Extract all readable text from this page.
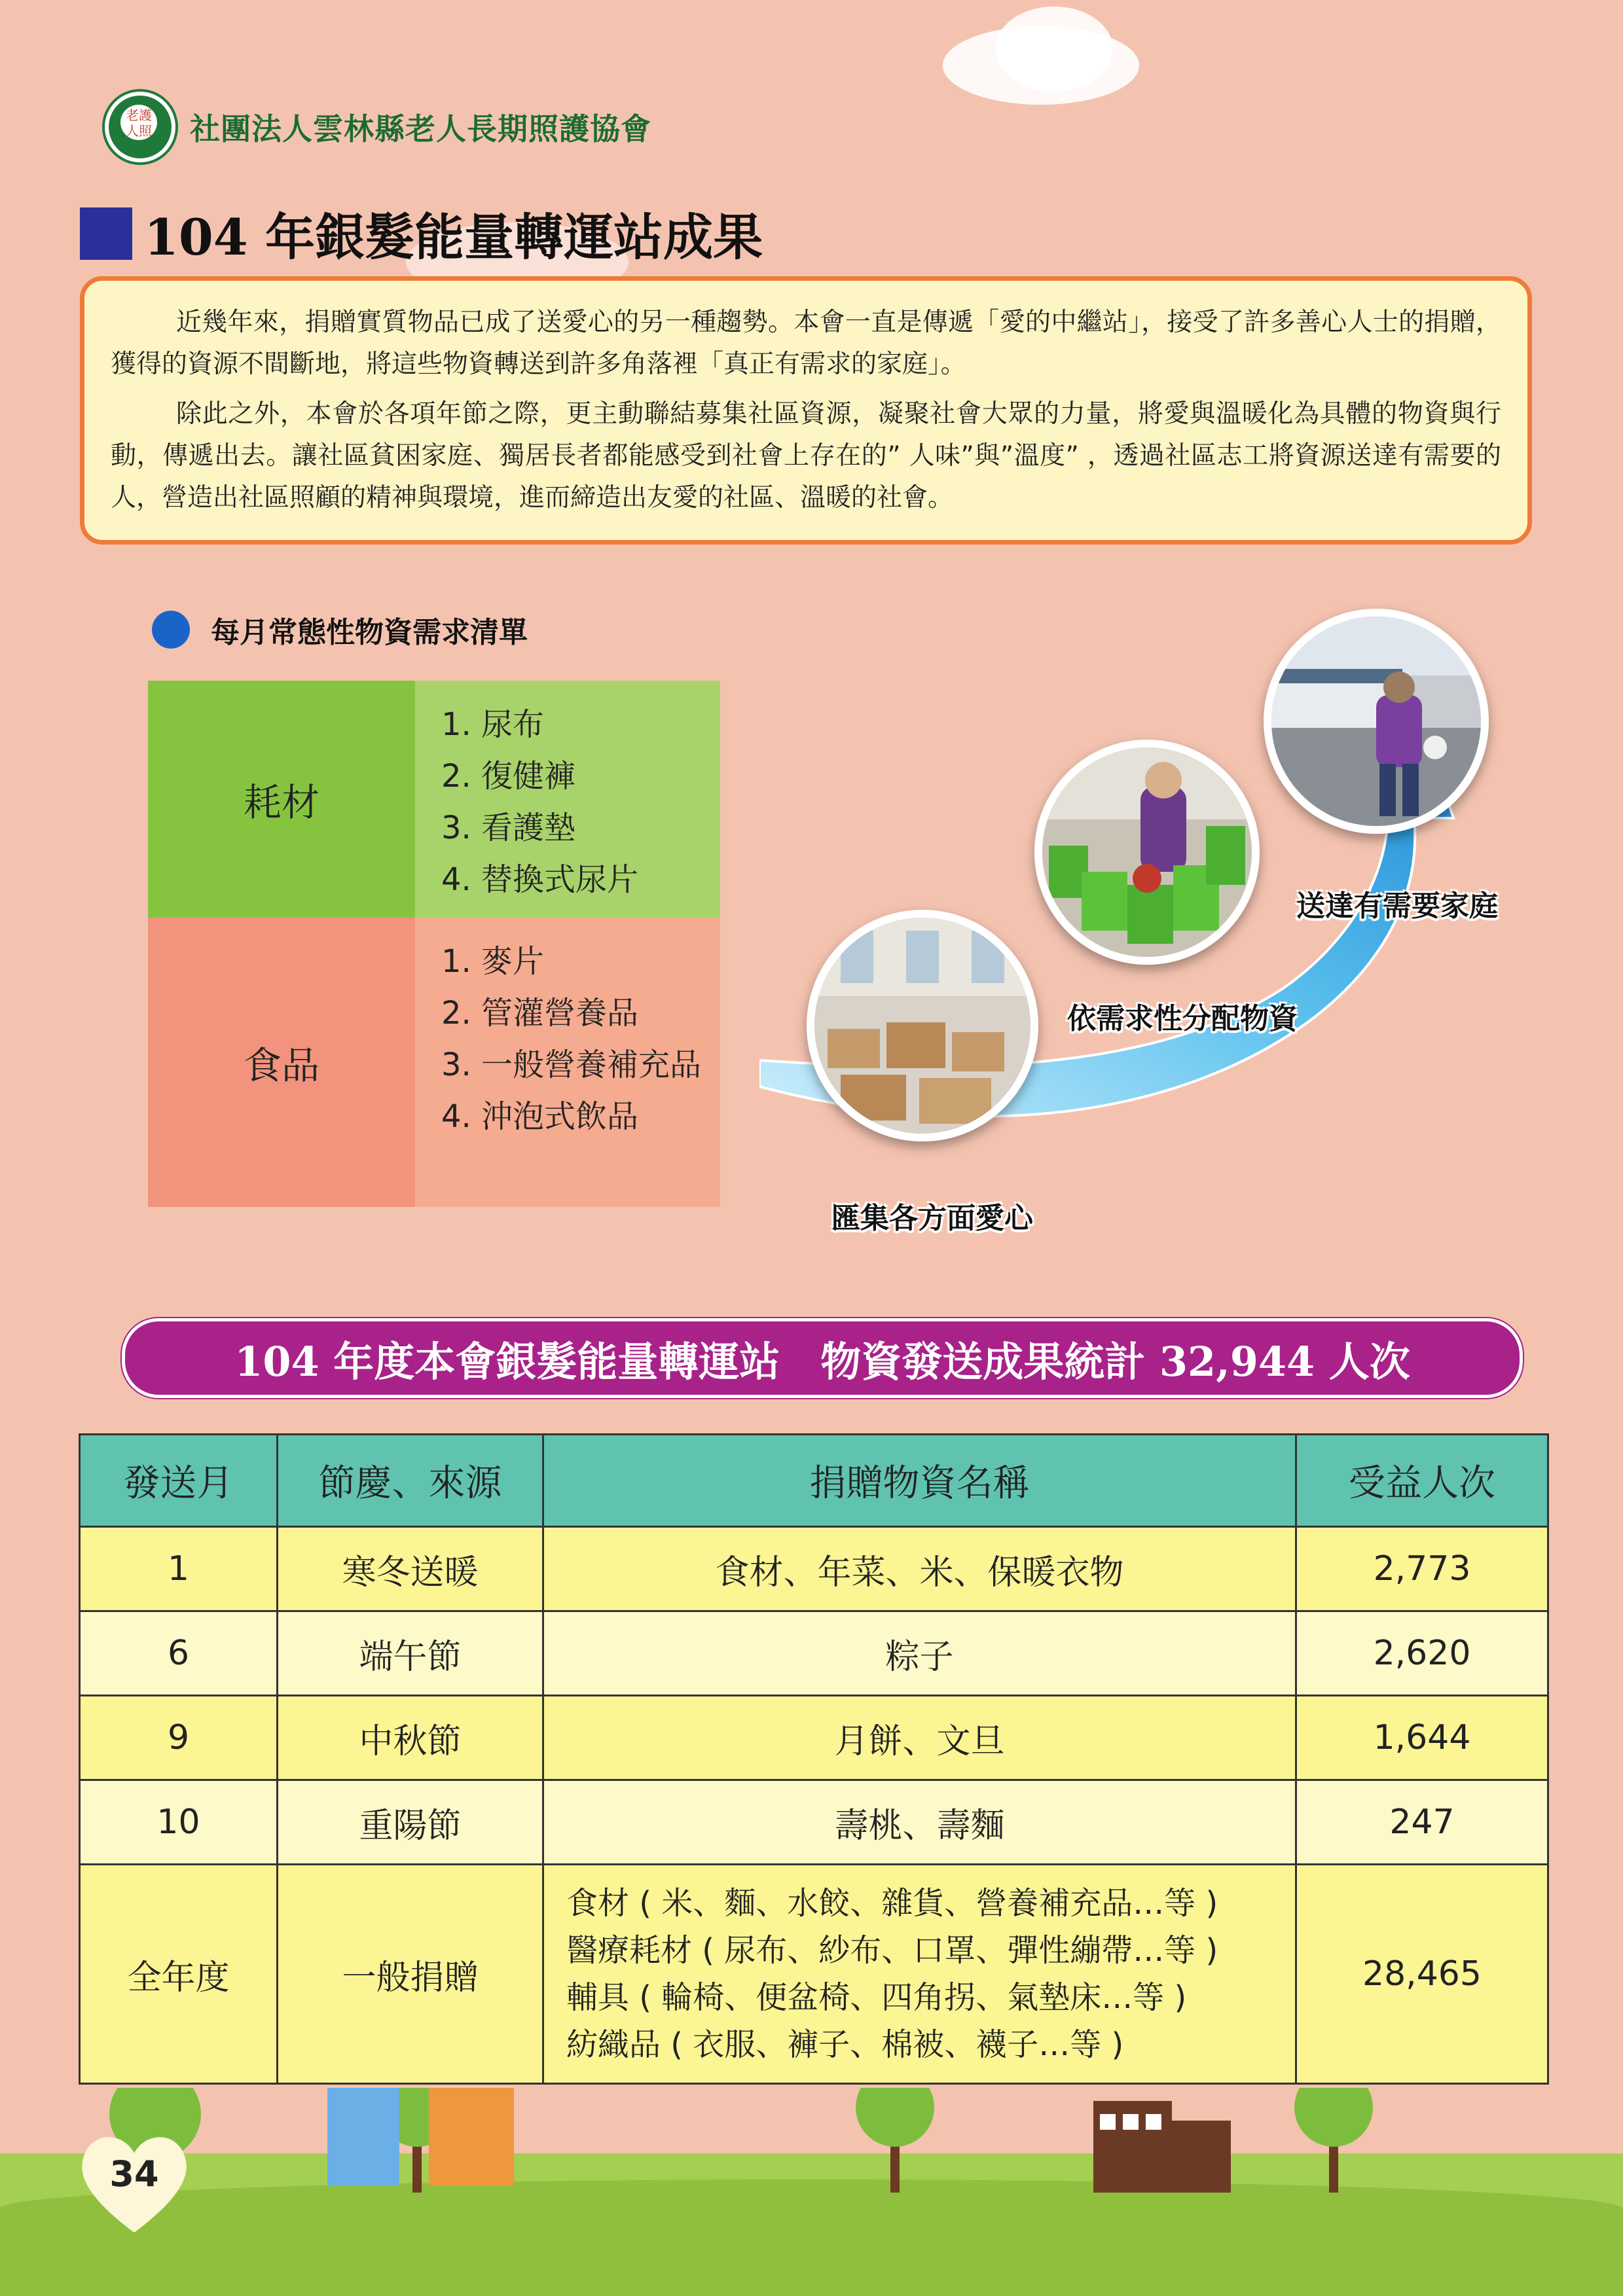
老護人照 社團法人雲林縣老人長期照護協會
104 年銀髮能量轉運站成果

近幾年來，捐贈實質物品已成了送愛心的另一種趨勢。本會一直是傳遞「愛的中繼站」，接受了許多善心人士的捐贈，獲得的資源不間斷地，將這些物資轉送到許多角落裡「真正有需求的家庭」。

除此之外，本會於各項年節之際，更主動聯結募集社區資源，凝聚社會大眾的力量，將愛與溫暖化為具體的物資與行動，傳遞出去。讓社區貧困家庭、獨居長者都能感受到社會上存在的” 人味”與”溫度” ，透過社區志工將資源送達有需要的人，營造出社區照顧的精神與環境，進而締造出友愛的社區、溫暖的社會。

每月常態性物資需求清單
耗材
1. 尿布
2. 復健褲
3. 看護墊
4. 替換式尿片
食品
1. 麥片
2. 管灌營養品
3. 一般營養補充品
4. 沖泡式飲品
匯集各方面愛心
依需求性分配物資
送達有需要家庭
104 年度本會銀髮能量轉運站　物資發送成果統計 32,944 人次
發送月	節慶、來源	捐贈物資名稱	受益人次
1	寒冬送暖	食材、年菜、米、保暖衣物	2,773
6	端午節	粽子	2,620
9	中秋節	月餅、文旦	1,644
10	重陽節	壽桃、壽麵	247
全年度	一般捐贈	食材 ( 米、麵、水餃、雜貨、營養補充品…等 )
醫療耗材 ( 尿布、紗布、口罩、彈性繃帶…等 )
輔具 ( 輪椅、便盆椅、四角拐、氣墊床…等 )
紡織品 ( 衣服、褲子、棉被、襪子…等 )	28,465
34
